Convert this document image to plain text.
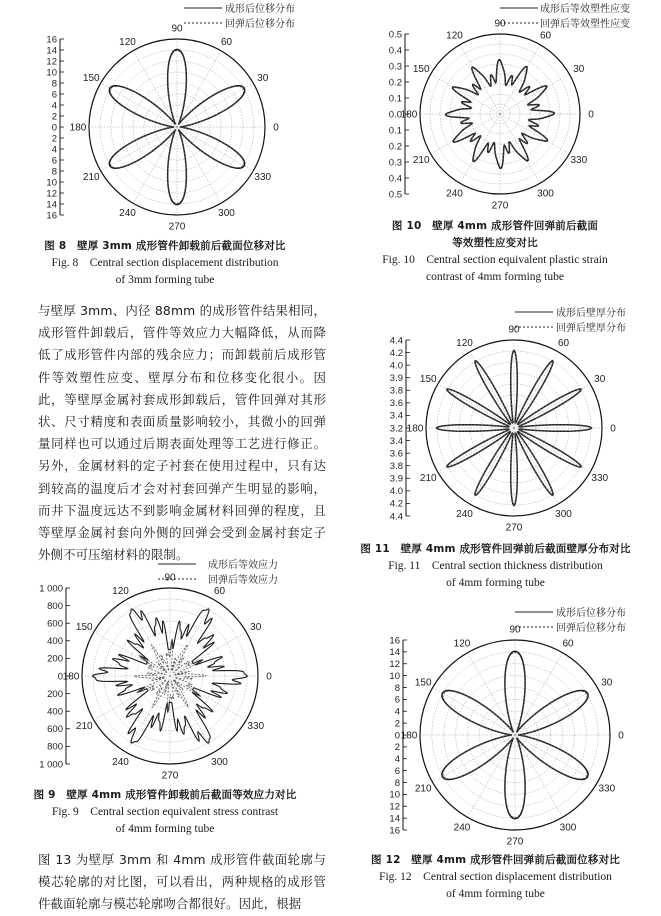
成形后位移分布
回弹后位移分布
90
60
30
0
330
300
270
240
210
180
150
120
16
14
12
10
8
6
4
2
0
2
4
6
8
10
12
14
16
图 8　壁厚 3mm 成形管件卸载前后截面位移对比
Fig. 8　Central section displacement distribution
of 3mm forming tube
成形后等效塑性应变
回弹后等效塑性应变
90
60
30
0
330
300
270
240
210
180
150
120
0.5
0.4
0.3
0.2
0.1
0.0
0.1
0.2
0.3
0.4
0.5
图 10　壁厚 4mm 成形管件回弹前后截面
等效塑性应变对比
Fig. 10　Central section equivalent plastic strain
contrast of 4mm forming tube
与壁厚 3mm、内径 88mm 的成形管件结果相同，成形管件卸载后，管件等效应力大幅降低，从而降低了成形管件内部的残余应力；而卸载前后成形管件等效塑性应变、壁厚分布和位移变化很小。因此，等壁厚金属衬套成形卸载后，管件回弹对其形状、尺寸精度和表面质量影响较小，其微小的回弹量同样也可以通过后期表面处理等工艺进行修正。另外，金属材料的定子衬套在使用过程中，只有达到较高的温度后才会对衬套回弹产生明显的影响，而井下温度远达不到影响金属材料回弹的程度，且等壁厚金属衬套向外侧的回弹会受到金属衬套定子外侧不可压缩材料的限制。
成形后壁厚分布
回弹后壁厚分布
90
60
30
0
330
300
270
240
210
180
150
120
4.4
4.2
4.0
3.9
3.8
3.6
3.4
3.2
3.4
3.6
3.8
3.9
4.0
4.2
4.4
图 11　壁厚 4mm 成形管件回弹前后截面壁厚分布对比
Fig. 11　Central section thickness distribution
of 4mm forming tube
成形后等效应力
回弹后等效应力
90
60
30
0
330
300
270
240
210
180
150
120
1 000
800
600
400
200
0
200
400
600
800
1 000
图 9　壁厚 4mm 成形管件卸载前后截面等效应力对比
Fig. 9　Central section equivalent stress contrast
of 4mm forming tube
图 13 为壁厚 3mm 和 4mm 成形管件截面轮廓与模芯轮廓的对比图，可以看出，两种规格的成形管件截面轮廓与模芯轮廓吻合都很好。因此，根据
成形后位移分布
回弹后位移分布
90
60
30
0
330
300
270
240
210
180
150
120
16
14
12
10
8
6
4
2
0
2
4
6
8
10
12
14
16
图 12　壁厚 4mm 成形管件回弹前后截面位移对比
Fig. 12　Central section displacement distribution
of 4mm forming tube
